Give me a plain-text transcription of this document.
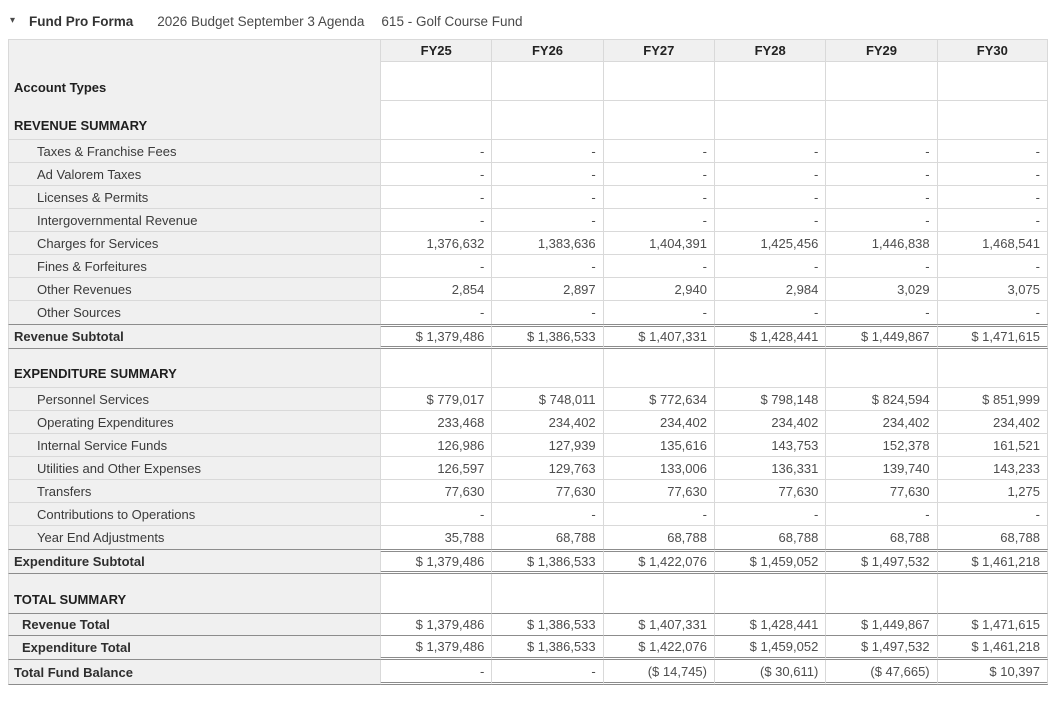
▾	Fund Pro Forma 2026 Budget September 3 Agenda 615 - Golf Course Fund
	FY25	FY26	FY27	FY28	FY29	FY30
Account Types						
REVENUE SUMMARY						
Taxes & Franchise Fees	-	-	-	-	-	-
Ad Valorem Taxes	-	-	-	-	-	-
Licenses & Permits	-	-	-	-	-	-
Intergovernmental Revenue	-	-	-	-	-	-
Charges for Services	1,376,632	1,383,636	1,404,391	1,425,456	1,446,838	1,468,541
Fines & Forfeitures	-	-	-	-	-	-
Other Revenues	2,854	2,897	2,940	2,984	3,029	3,075
Other Sources	-	-	-	-	-	-
Revenue Subtotal	$ 1,379,486	$ 1,386,533	$ 1,407,331	$ 1,428,441	$ 1,449,867	$ 1,471,615
EXPENDITURE SUMMARY						
Personnel Services	$ 779,017	$ 748,011	$ 772,634	$ 798,148	$ 824,594	$ 851,999
Operating Expenditures	233,468	234,402	234,402	234,402	234,402	234,402
Internal Service Funds	126,986	127,939	135,616	143,753	152,378	161,521
Utilities and Other Expenses	126,597	129,763	133,006	136,331	139,740	143,233
Transfers	77,630	77,630	77,630	77,630	77,630	1,275
Contributions to Operations	-	-	-	-	-	-
Year End Adjustments	35,788	68,788	68,788	68,788	68,788	68,788
Expenditure Subtotal	$ 1,379,486	$ 1,386,533	$ 1,422,076	$ 1,459,052	$ 1,497,532	$ 1,461,218
TOTAL SUMMARY						
Revenue Total	$ 1,379,486	$ 1,386,533	$ 1,407,331	$ 1,428,441	$ 1,449,867	$ 1,471,615
Expenditure Total	$ 1,379,486	$ 1,386,533	$ 1,422,076	$ 1,459,052	$ 1,497,532	$ 1,461,218
Total Fund Balance	-	-	($ 14,745)	($ 30,611)	($ 47,665)	$ 10,397
